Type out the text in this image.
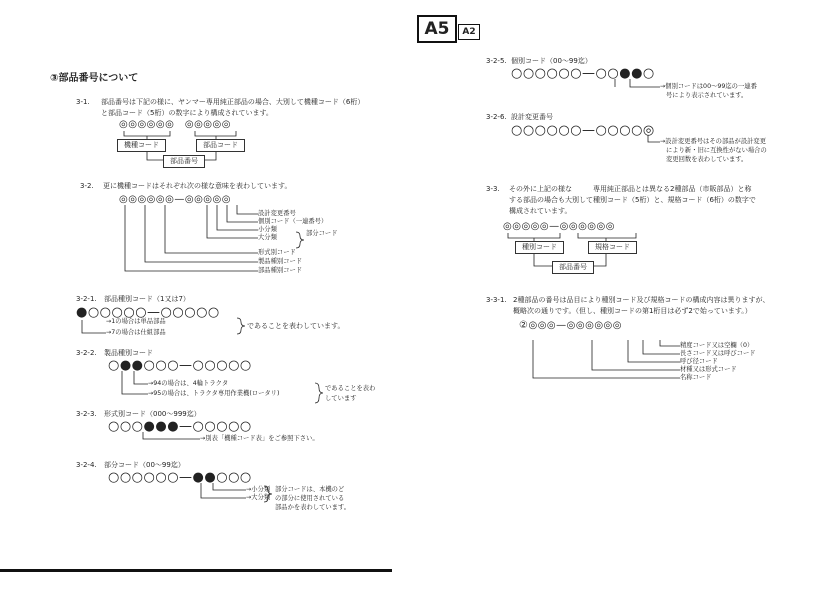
A5	A2
③部品番号について
3-1. 部品番号は下記の様に、ヤンマー専用純正部品の場合、大別して機種コード（6桁）
と部品コード（5桁）の数字により構成されています。
◎◎◎◎◎◎　◎◎◎◎◎
機種コード	部品コード
部品番号
3-2. 更に機種コードはそれぞれ次の様な意味を表わしています。
◎◎◎◎◎◎—◎◎◎◎◎
設計変更番号
個別コード（一連番号）
小分類
大分類
部分コード
形式別コード
製品種別コード
部品種別コード
3-2-1. 部品種別コード（1又は7）
●○○○○○—○○○○○
→1の場合は単品部品
→7の場合は仕組部品
であることを表わしています。
3-2-2. 製品種別コード
○●●○○○—○○○○○
→94の場合は、4輪トラクタ
→95の場合は、トラクタ専用作業機(ロータリ)
であることを表わ
しています
3-2-3. 形式別コード（000～999迄）
○○○●●●—○○○○○
→別表「機種コード表」をご参照下さい。
3-2-4. 部分コード（00～99迄）
○○○○○○—●●○○○
→小分類
→大分類
部分コードは、本機のど
の部分に使用されている
部品かを表わしています。
3-2-5. 個別コード（00～99迄）
○○○○○○—○○●●○
→個別コードは00～99迄の一連番
号により表示されています。
3-2-6. 設計変更番号
○○○○○○—○○○○◎
→設計変更番号はその部品が設計変更
により新・旧に互換性がない場合の
変更回数を表わしています。
3-3. その外に上記の様な　　　専用純正部品とは異なる2種部品（市販部品）と称
する部品の場合も大別して種別コード（5桁）と、規格コード（6桁）の数字で
構成されています。
◎◎◎◎◎—◎◎◎◎◎◎
種別コード	規格コード
部品番号
3-3-1. 2種部品の番号は品目により種別コード及び規格コードの構成内容は異りますが、
概略次の通りです。（但し、種別コードの第1桁目は必ず2で始っています。）
②◎◎◎—◎◎◎◎◎◎
精度コード又は空欄（0）
長さコード又は呼びコード
呼び径コード
材種又は形式コード
名称コード
